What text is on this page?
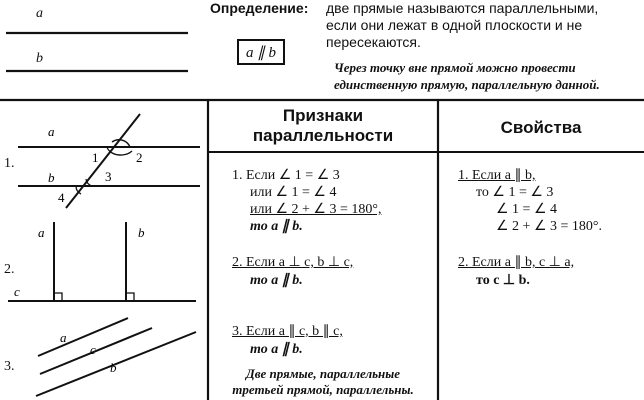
a
b	a ∥ b
Определение: две прямые называются параллельными,
если они лежат в одной плоскости и не
пересекаются.
Через точку вне прямой можно провести
единственную прямую, параллельную данной.
1.
2.
3.
a
b
1	2
3
4
a	b
c
a
c
b
Признаки
параллельности
1. Если ∠ 1 = ∠ 3
или ∠ 1 = ∠ 4
или ∠ 2 + ∠ 3 = 180°,
то a ∥ b.
2. Если a ⊥ c, b ⊥ c,
то a ∥ b.
3. Если a ∥ c, b ∥ c,
то a ∥ b.
Две прямые, параллельные
третьей прямой, параллельны.
Свойства
1. Если a ∥ b,
то ∠ 1 = ∠ 3
∠ 1 = ∠ 4
∠ 2 + ∠ 3 = 180°.
2. Если a ∥ b, c ⊥ a,
то c ⊥ b.
